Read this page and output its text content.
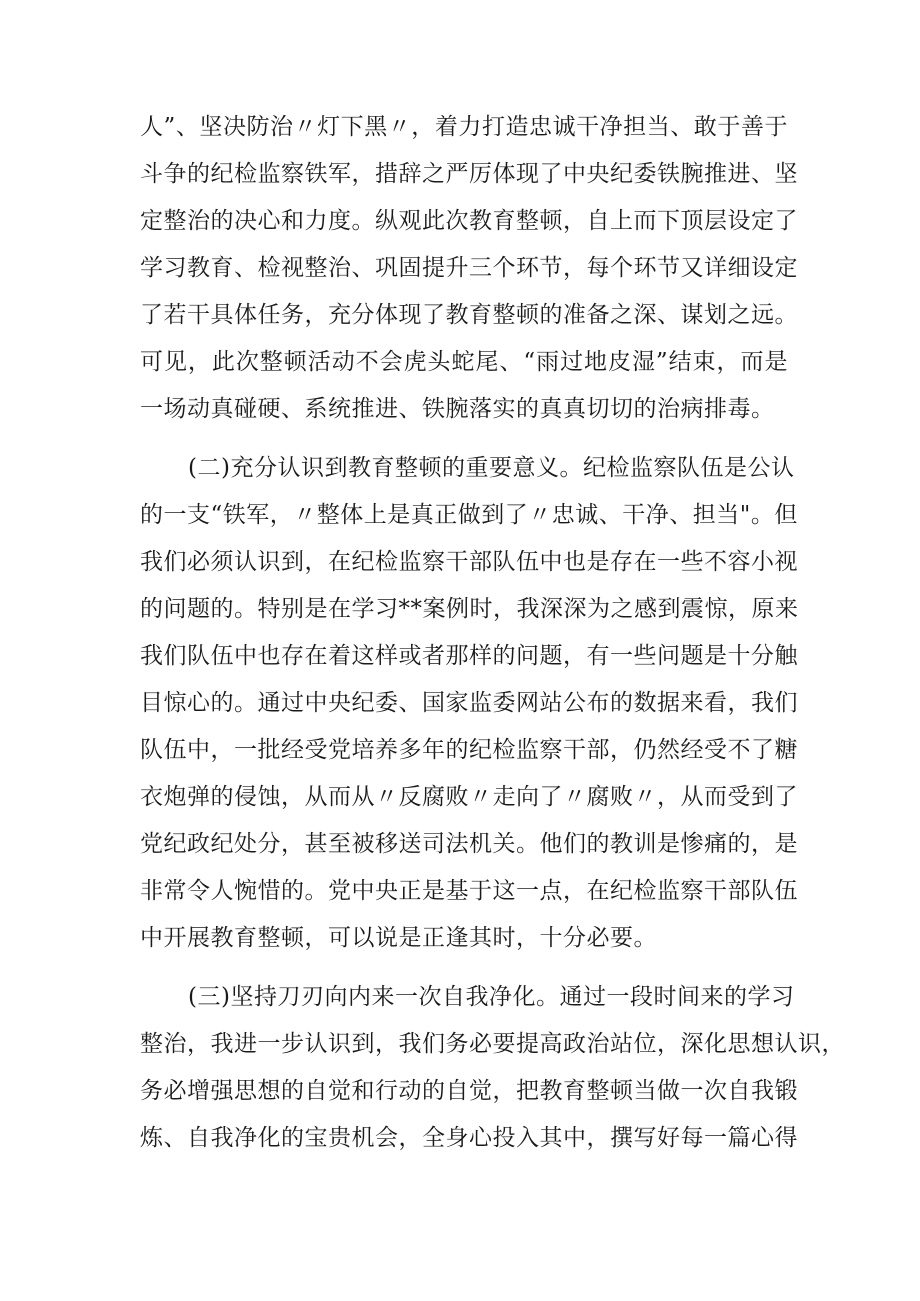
人”、坚决防治〃灯下黑〃，着力打造忠诚干净担当、敢于善于
斗争的纪检监察铁军，措辞之严厉体现了中央纪委铁腕推进、坚
定整治的决心和力度。纵观此次教育整顿，自上而下顶层设定了
学习教育、检视整治、巩固提升三个环节，每个环节又详细设定
了若干具体任务，充分体现了教育整顿的准备之深、谋划之远。
可见，此次整顿活动不会虎头蛇尾、“雨过地皮湿”结束，而是
一场动真碰硬、系统推进、铁腕落实的真真切切的治病排毒。
(二)充分认识到教育整顿的重要意义。纪检监察队伍是公认
的一支“铁军，〃整体上是真正做到了〃忠诚、干净、担当"。但
我们必须认识到，在纪检监察干部队伍中也是存在一些不容小视
的问题的。特别是在学习**案例时，我深深为之感到震惊，原来
我们队伍中也存在着这样或者那样的问题，有一些问题是十分触
目惊心的。通过中央纪委、国家监委网站公布的数据来看，我们
队伍中，一批经受党培养多年的纪检监察干部，仍然经受不了糖
衣炮弹的侵蚀，从而从〃反腐败〃走向了〃腐败〃，从而受到了
党纪政纪处分，甚至被移送司法机关。他们的教训是惨痛的，是
非常令人惋惜的。党中央正是基于这一点，在纪检监察干部队伍
中开展教育整顿，可以说是正逢其时，十分必要。
(三)坚持刀刃向内来一次自我净化。通过一段时间来的学习
整治，我进一步认识到，我们务必要提高政治站位，深化思想认识，
务必增强思想的自觉和行动的自觉，把教育整顿当做一次自我锻
炼、自我净化的宝贵机会，全身心投入其中，撰写好每一篇心得
